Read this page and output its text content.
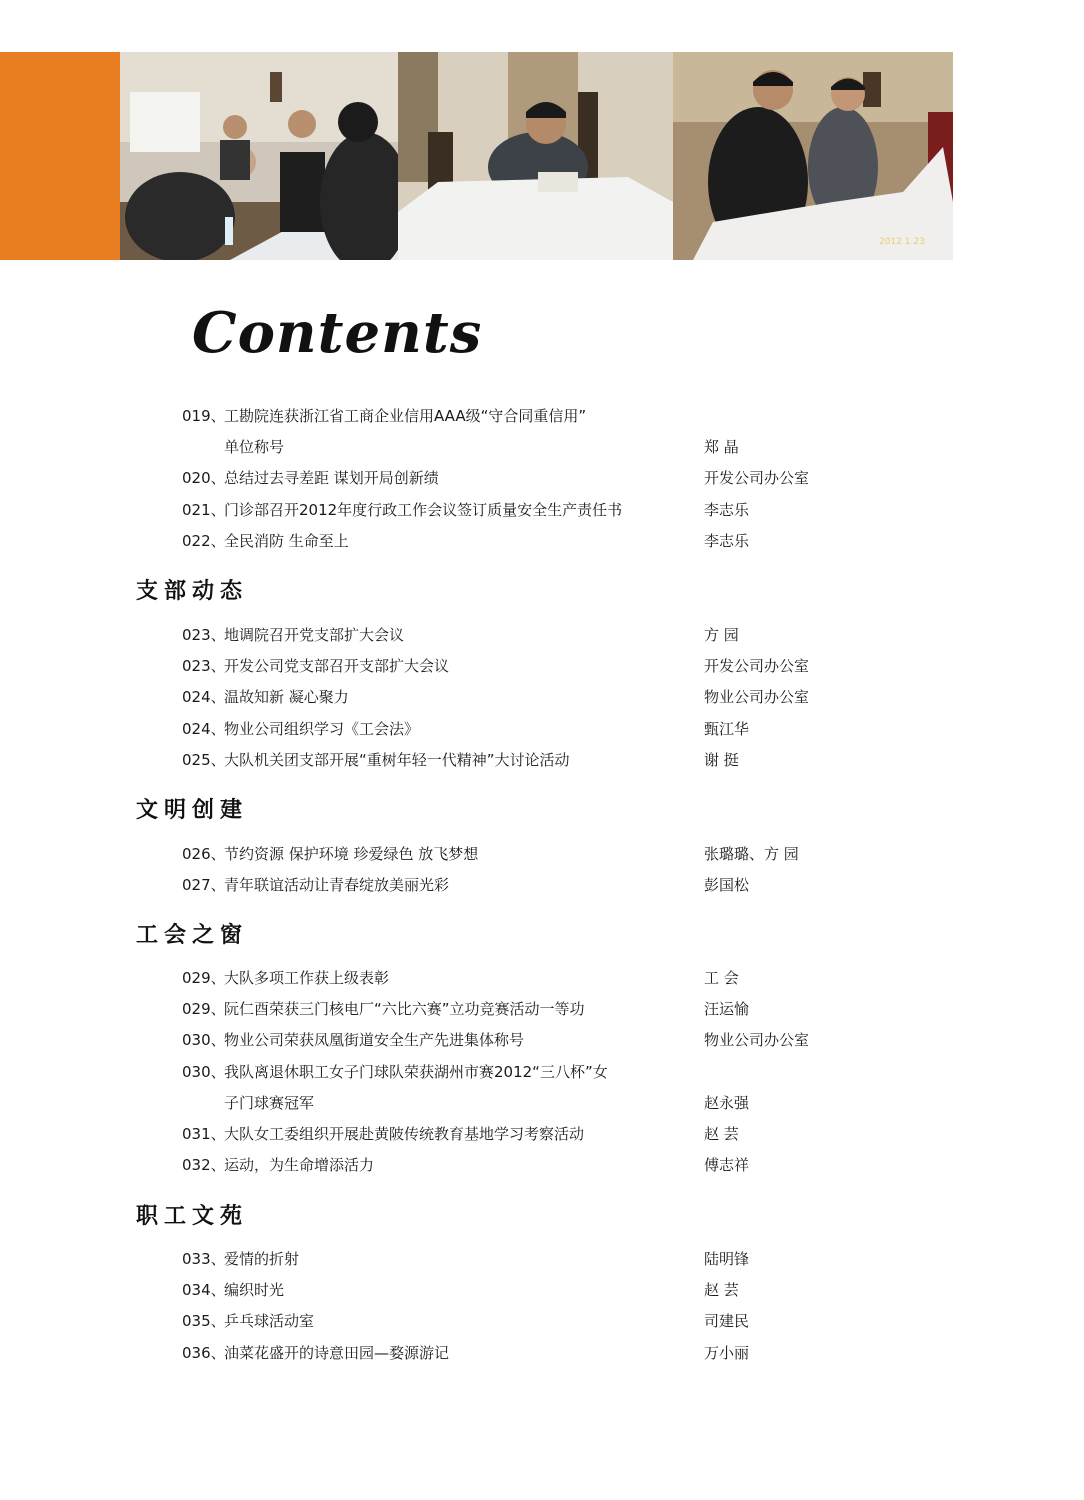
2012 1.23
Contents
019、工勘院连获浙江省工商企业信用AAA级“守合同重信用”
单位称号	郑 晶
020、总结过去寻差距 谋划开局创新绩	开发公司办公室
021、门诊部召开2012年度行政工作会议签订质量安全生产责任书	李志乐
022、全民消防 生命至上	李志乐
支部动态
023、地调院召开党支部扩大会议	方 园
023、开发公司党支部召开支部扩大会议	开发公司办公室
024、温故知新 凝心聚力	物业公司办公室
024、物业公司组织学习《工会法》	甄江华
025、大队机关团支部开展“重树年轻一代精神”大讨论活动	谢 挺
文明创建
026、节约资源 保护环境 珍爱绿色 放飞梦想	张璐璐、方 园
027、青年联谊活动让青春绽放美丽光彩	彭国松
工会之窗
029、大队多项工作获上级表彰	工 会
029、阮仁酉荣获三门核电厂“六比六赛”立功竞赛活动一等功	汪运愉
030、物业公司荣获凤凰街道安全生产先进集体称号	物业公司办公室
030、我队离退休职工女子门球队荣获湖州市赛2012“三八杯”女
子门球赛冠军	赵永强
031、大队女工委组织开展赴黄陂传统教育基地学习考察活动	赵 芸
032、运动，为生命增添活力	傅志祥
职工文苑
033、爱情的折射	陆明锋
034、编织时光	赵 芸
035、乒乓球活动室	司建民
036、油菜花盛开的诗意田园—婺源游记	万小丽
